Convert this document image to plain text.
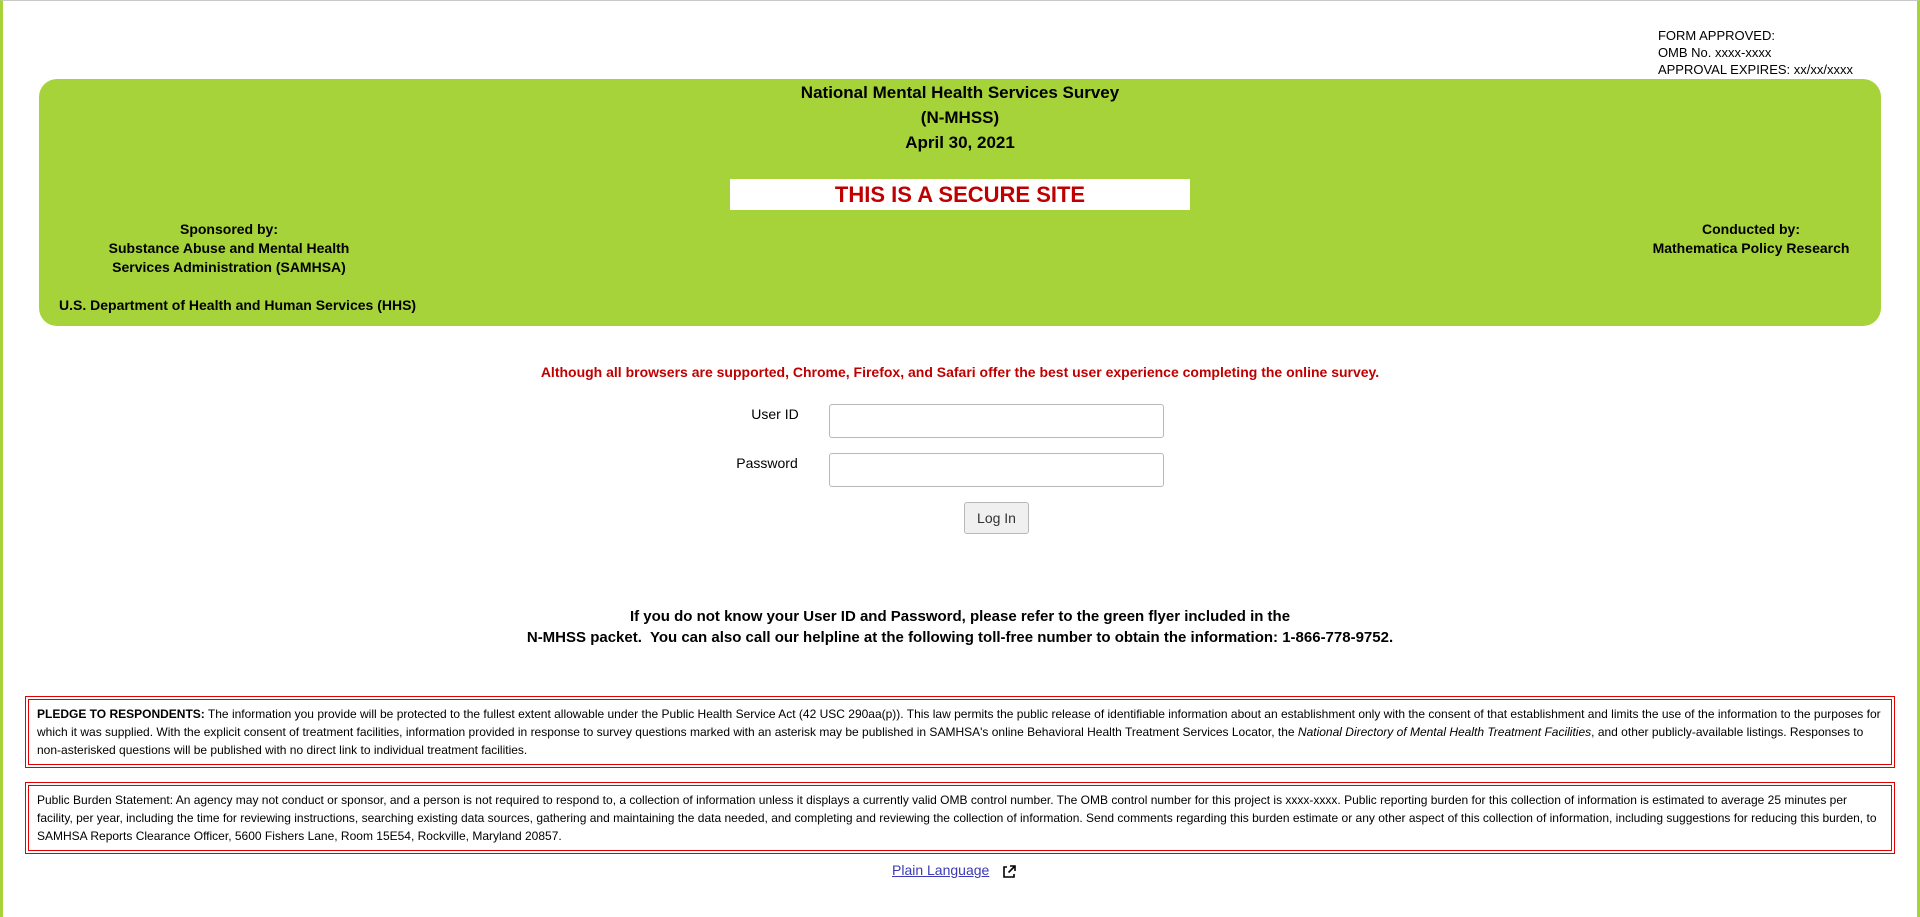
FORM APPROVED:
OMB No. xxxx-xxxx
APPROVAL EXPIRES: xx/xx/xxxx
National Mental Health Services Survey
(N-MHSS)
April 30, 2021
THIS IS A SECURE SITE
Sponsored by:
Substance Abuse and Mental Health Services Administration (SAMHSA)
U.S. Department of Health and Human Services (HHS)
Conducted by:
Mathematica Policy Research
Although all browsers are supported, Chrome, Firefox, and Safari offer the best user experience completing the online survey.
User ID
Password
Log In
If you do not know your User ID and Password, please refer to the green flyer included in the
N-MHSS packet.  You can also call our helpline at the following toll-free number to obtain the information: 1-866-778-9752.
PLEDGE TO RESPONDENTS: The information you provide will be protected to the fullest extent allowable under the Public Health Service Act (42 USC 290aa(p)). This law permits the public release of identifiable information about an establishment only with the consent of that establishment and limits the use of the information to the purposes for which it was supplied. With the explicit consent of treatment facilities, information provided in response to survey questions marked with an asterisk may be published in SAMHSA's online Behavioral Health Treatment Services Locator, the National Directory of Mental Health Treatment Facilities, and other publicly-available listings. Responses to non-asterisked questions will be published with no direct link to individual treatment facilities.
Public Burden Statement: An agency may not conduct or sponsor, and a person is not required to respond to, a collection of information unless it displays a currently valid OMB control number. The OMB control number for this project is xxxx-xxxx. Public reporting burden for this collection of information is estimated to average 25 minutes per facility, per year, including the time for reviewing instructions, searching existing data sources, gathering and maintaining the data needed, and completing and reviewing the collection of information. Send comments regarding this burden estimate or any other aspect of this collection of information, including suggestions for reducing this burden, to SAMHSA Reports Clearance Officer, 5600 Fishers Lane, Room 15E54, Rockville, Maryland 20857.
Plain Language
